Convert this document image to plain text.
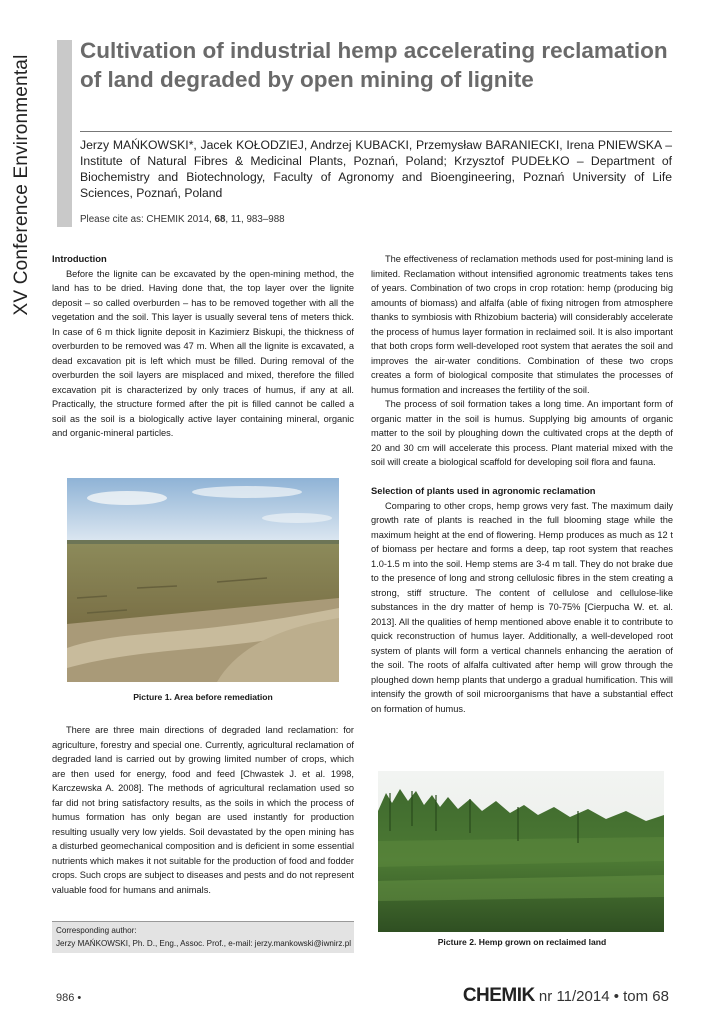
XV Conference Environmental
Cultivation of industrial hemp accelerating reclamation of land degraded by open mining of lignite
Jerzy MAŃKOWSKI*, Jacek KOŁODZIEJ, Andrzej KUBACKI, Przemysław BARANIECKI, Irena PNIEWSKA – Institute of Natural Fibres & Medicinal Plants, Poznań, Poland; Krzysztof PUDEŁKO – Department of Biochemistry and Biotechnology, Faculty of Agronomy and Bioengineering, Poznań University of Life Sciences, Poznań, Poland
Please cite as: CHEMIK 2014, 68, 11, 983–988
Introduction

Before the lignite can be excavated by the open-mining method, the land has to be dried. Having done that, the top layer over the lignite deposit – so called overburden – has to be removed together with all the vegetation and the soil. This layer is usually several tens of meters thick. In case of 6 m thick lignite deposit in Kazimierz Biskupi, the thickness of overburden to be removed was 47 m. When all the lignite is excavated, a dead excavation pit is left which must be filled. During removal of the overburden the soil layers are misplaced and mixed, therefore the filled excavation pit is characterized by only traces of humus, if any at all. Practically, the structure formed after the pit is filled cannot be called a soil as the soil is a biologically active layer containing mineral, organic and organic-mineral particles.

Picture 1. Area before remediation

There are three main directions of degraded land reclamation: for agriculture, forestry and special one. Currently, agricultural reclamation of degraded land is carried out by growing limited number of crops, which are then used for energy, food and feed [Chwastek J. et al. 1998, Karczewska A. 2008]. The methods of agricultural reclamation used so far did not bring satisfactory results, as the soils in which the process of humus formation has only began are used instantly for production resulting usually very low yields. Soil devastated by the open mining has a disturbed geomechanical composition and is deficient in some essential nutrients which makes it not suitable for the production of food and fodder crops. Such crops are subject to diseases and pests and do not represent valuable food for humans and animals.

Corresponding author:
Jerzy MAŃKOWSKI, Ph. D., Eng., Assoc. Prof., e-mail: jerzy.mankowski@iwnirz.pl

The effectiveness of reclamation methods used for post-mining land is limited. Reclamation without intensified agronomic treatments takes tens of years. Combination of two crops in crop rotation: hemp (producing big amounts of biomass) and alfalfa (able of fixing nitrogen from atmosphere thanks to symbiosis with Rhizobium bacteria) will considerably accelerate the process of humus layer formation in reclaimed soil. It is also important that both crops form well-developed root system that aerates the soil and improves the air-water conditions. Combination of these two crops creates a form of biological composite that stimulates the processes of humus formation and increases the fertility of the soil.

The process of soil formation takes a long time. An important form of organic matter in the soil is humus. Supplying big amounts of organic matter to the soil by ploughing down the cultivated crops at the depth of 20 and 30 cm will accelerate this process. Plant material mixed with the soil will create a biological scaffold for developing soil flora and fauna.

Selection of plants used in agronomic reclamation

Comparing to other crops, hemp grows very fast. The maximum daily growth rate of plants is reached in the full blooming stage while the maximum height at the end of flowering. Hemp produces as much as 12 t of biomass per hectare and forms a deep, tap root system that reaches 1.0-1.5 m into the soil. Hemp stems are 3-4 m tall. They do not brake due to the presence of long and strong cellulosic fibres in the stem creating a strong, stiff structure. The content of cellulose and cellulose-like substances in the dry matter of hemp is 70-75% [Cierpucha W. et. al. 2013]. All the qualities of hemp mentioned above enable it to contribute to quick reconstruction of humus layer. Additionally, a well-developed root system of plants will form a vertical channels enhancing the aeration of the soil. The roots of alfalfa cultivated after hemp will grow through the ploughed down hemp plants that undergo a gradual humification. This will intensify the growth of soil microorganisms that have a substantial effect on formation of humus.

Picture 2. Hemp grown on reclaimed land
986 •	CHEMIK nr 11/2014 • tom 68
